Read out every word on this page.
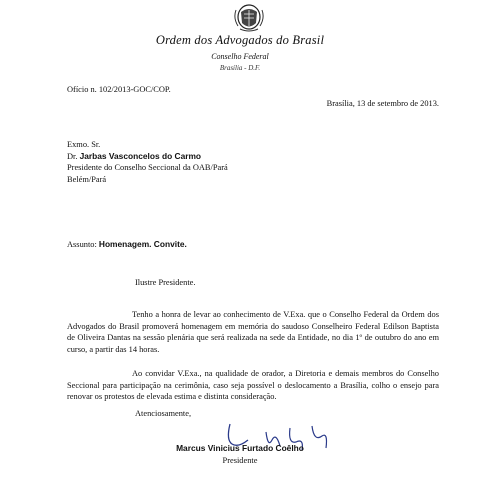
Ordem dos Advogados do Brasil
Conselho Federal
Brasília - D.F.
Ofício n. 102/2013-GOC/COP.
Brasília, 13 de setembro de 2013.
Exmo. Sr.
Dr. Jarbas Vasconcelos do Carmo
Presidente do Conselho Seccional da OAB/Pará
Belém/Pará
Assunto: Homenagem. Convite.
Ilustre Presidente.
Tenho a honra de levar ao conhecimento de V.Exa. que o Conselho Federal da Ordem dos Advogados do Brasil promoverá homenagem em memória do saudoso Conselheiro Federal Edilson Baptista de Oliveira Dantas na sessão plenária que será realizada na sede da Entidade, no dia 1º de outubro do ano em curso, a partir das 14 horas.
Ao convidar V.Exa., na qualidade de orador, a Diretoria e demais membros do Conselho Seccional para participação na cerimônia, caso seja possível o deslocamento a Brasília, colho o ensejo para renovar os protestos de elevada estima e distinta consideração.
Atenciosamente,
Marcus Vinicius Furtado Coêlho
Presidente
